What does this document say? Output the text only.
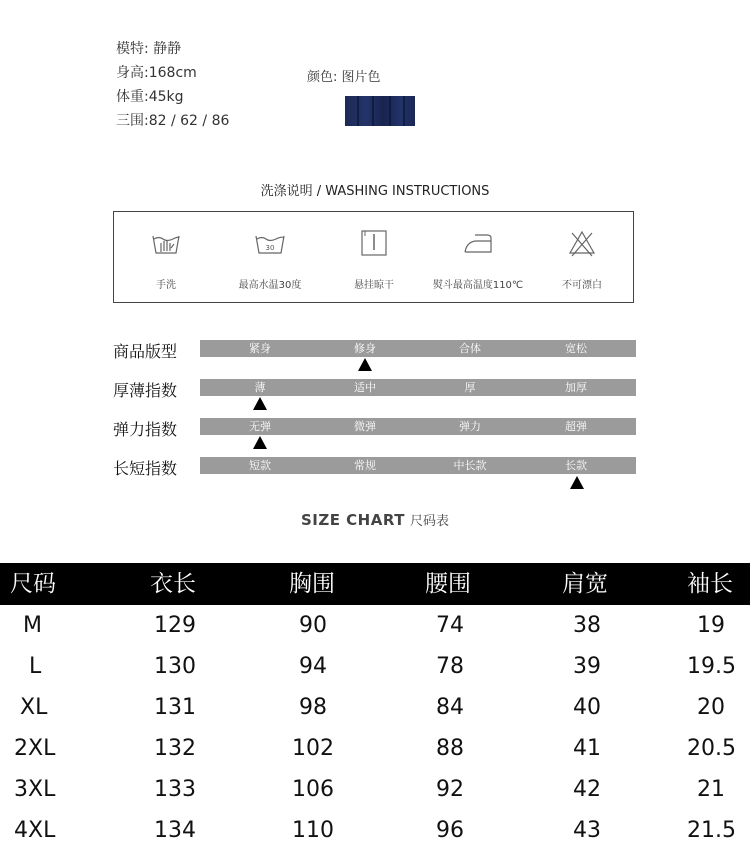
模特: 静静
身高:168cm
体重:45kg
三围:82 / 62 / 86
颜色: 图片色
洗涤说明 / WASHING INSTRUCTIONS
手洗
30
最高水温30度	悬挂晾干	熨斗最高温度110℃	不可漂白
商品版型	紧身	修身	合体	宽松
厚薄指数	薄	适中	厚	加厚
弹力指数	无弹	微弹	弹力	超弹
长短指数	短款	常规	中长款	长款
SIZE CHART 尺码表
尺码	衣长	胸围	腰围	肩宽	袖长
M	129	90	74	38	19
L	130	94	78	39	19.5
XL	131	98	84	40	20
2XL	132	102	88	41	20.5
3XL	133	106	92	42	21
4XL	134	110	96	43	21.5
